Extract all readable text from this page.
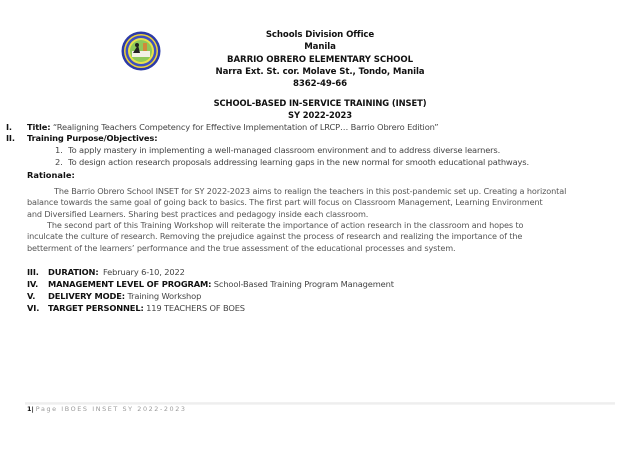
Schools Division Office
Manila
BARRIO OBRERO ELEMENTARY SCHOOL
Narra Ext. St. cor. Molave St., Tondo, Manila
8362-49-66
SCHOOL-BASED IN-SERVICE TRAINING (INSET)
SY 2022-2023
I. Title: “Realigning Teachers Competency for Effective Implementation of LRCP… Barrio Obrero Edition”
II. Training Purpose/Objectives:
1. To apply mastery in implementing a well-managed classroom environment and to address diverse learners.
2. To design action research proposals addressing learning gaps in the new normal for smooth educational pathways.
Rationale:
The Barrio Obrero School INSET for SY 2022-2023 aims to realign the teachers in this post-pandemic set up. Creating a horizontal
balance towards the same goal of going back to basics. The first part will focus on Classroom Management, Learning Environment
and Diversified Learners. Sharing best practices and pedagogy inside each classroom.
The second part of this Training Workshop will reiterate the importance of action research in the classroom and hopes to
inculcate the culture of research. Removing the prejudice against the process of research and realizing the importance of the
betterment of the learners’ performance and the true assessment of the educational processes and system.
III. DURATION: February 6-10, 2022
IV. MANAGEMENT LEVEL OF PROGRAM: School-Based Training Program Management
V. DELIVERY MODE: Training Workshop
VI. TARGET PERSONNEL: 119 TEACHERS OF BOES
1| Page IBOES INSET SY 2022-2023
